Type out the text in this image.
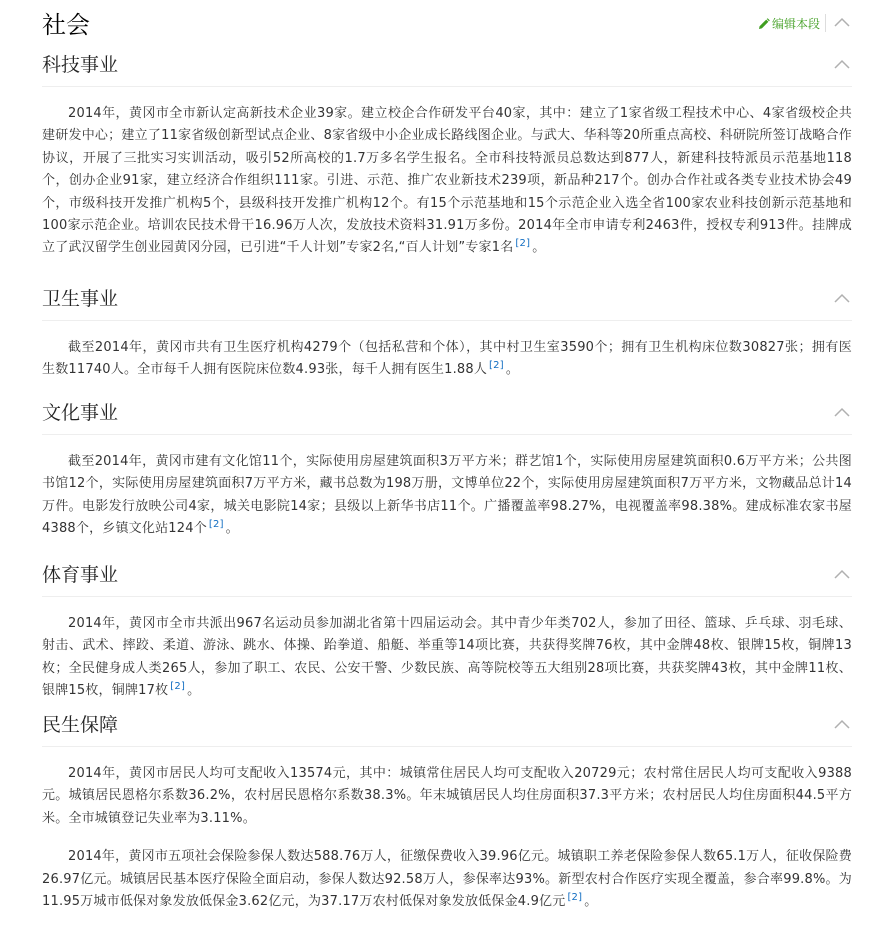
社会	编辑本段
科技事业

2014年，黄冈市全市新认定高新技术企业39家。建立校企合作研发平台40家，其中：建立了1家省级工程技术中心、4家省级校企共建研发中心；建立了11家省级创新型试点企业、8家省级中小企业成长路线图企业。与武大、华科等20所重点高校、科研院所签订战略合作协议，开展了三批实习实训活动，吸引52所高校的1.7万多名学生报名。全市科技特派员总数达到877人，新建科技特派员示范基地118个，创办企业91家，建立经济合作组织111家。引进、示范、推广农业新技术239项，新品种217个。创办合作社或各类专业技术协会49个，市级科技开发推广机构5个，县级科技开发推广机构12个。有15个示范基地和15个示范企业入选全省100家农业科技创新示范基地和100家示范企业。培训农民技术骨干16.96万人次，发放技术资料31.91万多份。2014年全市申请专利2463件，授权专利913件。挂牌成立了武汉留学生创业园黄冈分园，已引进“千人计划”专家2名,“百人计划”专家1名 [2] 。

卫生事业

截至2014年，黄冈市共有卫生医疗机构4279个（包括私营和个体），其中村卫生室3590个；拥有卫生机构床位数30827张；拥有医生数11740人。全市每千人拥有医院床位数4.93张，每千人拥有医生1.88人 [2] 。

文化事业

截至2014年，黄冈市建有文化馆11个，实际使用房屋建筑面积3万平方米；群艺馆1个，实际使用房屋建筑面积0.6万平方米；公共图书馆12个，实际使用房屋建筑面积7万平方米，藏书总数为198万册，文博单位22个，实际使用房屋建筑面积7万平方米，文物藏品总计14万件。电影发行放映公司4家，城关电影院14家；县级以上新华书店11个。广播覆盖率98.27%，电视覆盖率98.38%。建成标准农家书屋4388个，乡镇文化站124个 [2] 。

体育事业

2014年，黄冈市全市共派出967名运动员参加湖北省第十四届运动会。其中青少年类702人，参加了田径、篮球、乒乓球、羽毛球、射击、武术、摔跤、柔道、游泳、跳水、体操、跆拳道、船艇、举重等14项比赛，共获得奖牌76枚，其中金牌48枚、银牌15枚，铜牌13枚；全民健身成人类265人，参加了职工、农民、公安干警、少数民族、高等院校等五大组别28项比赛，共获奖牌43枚，其中金牌11枚、银牌15枚，铜牌17枚 [2] 。

民生保障

2014年，黄冈市居民人均可支配收入13574元，其中：城镇常住居民人均可支配收入20729元；农村常住居民人均可支配收入9388元。城镇居民恩格尔系数36.2%，农村居民恩格尔系数38.3%。年末城镇居民人均住房面积37.3平方米；农村居民人均住房面积44.5平方米。全市城镇登记失业率为3.11%。

2014年，黄冈市五项社会保险参保人数达588.76万人，征缴保费收入39.96亿元。城镇职工养老保险参保人数65.1万人，征收保险费26.97亿元。城镇居民基本医疗保险全面启动，参保人数达92.58万人，参保率达93%。新型农村合作医疗实现全覆盖，参合率99.8%。为11.95万城市低保对象发放低保金3.62亿元，为37.17万农村低保对象发放低保金4.9亿元 [2] 。
